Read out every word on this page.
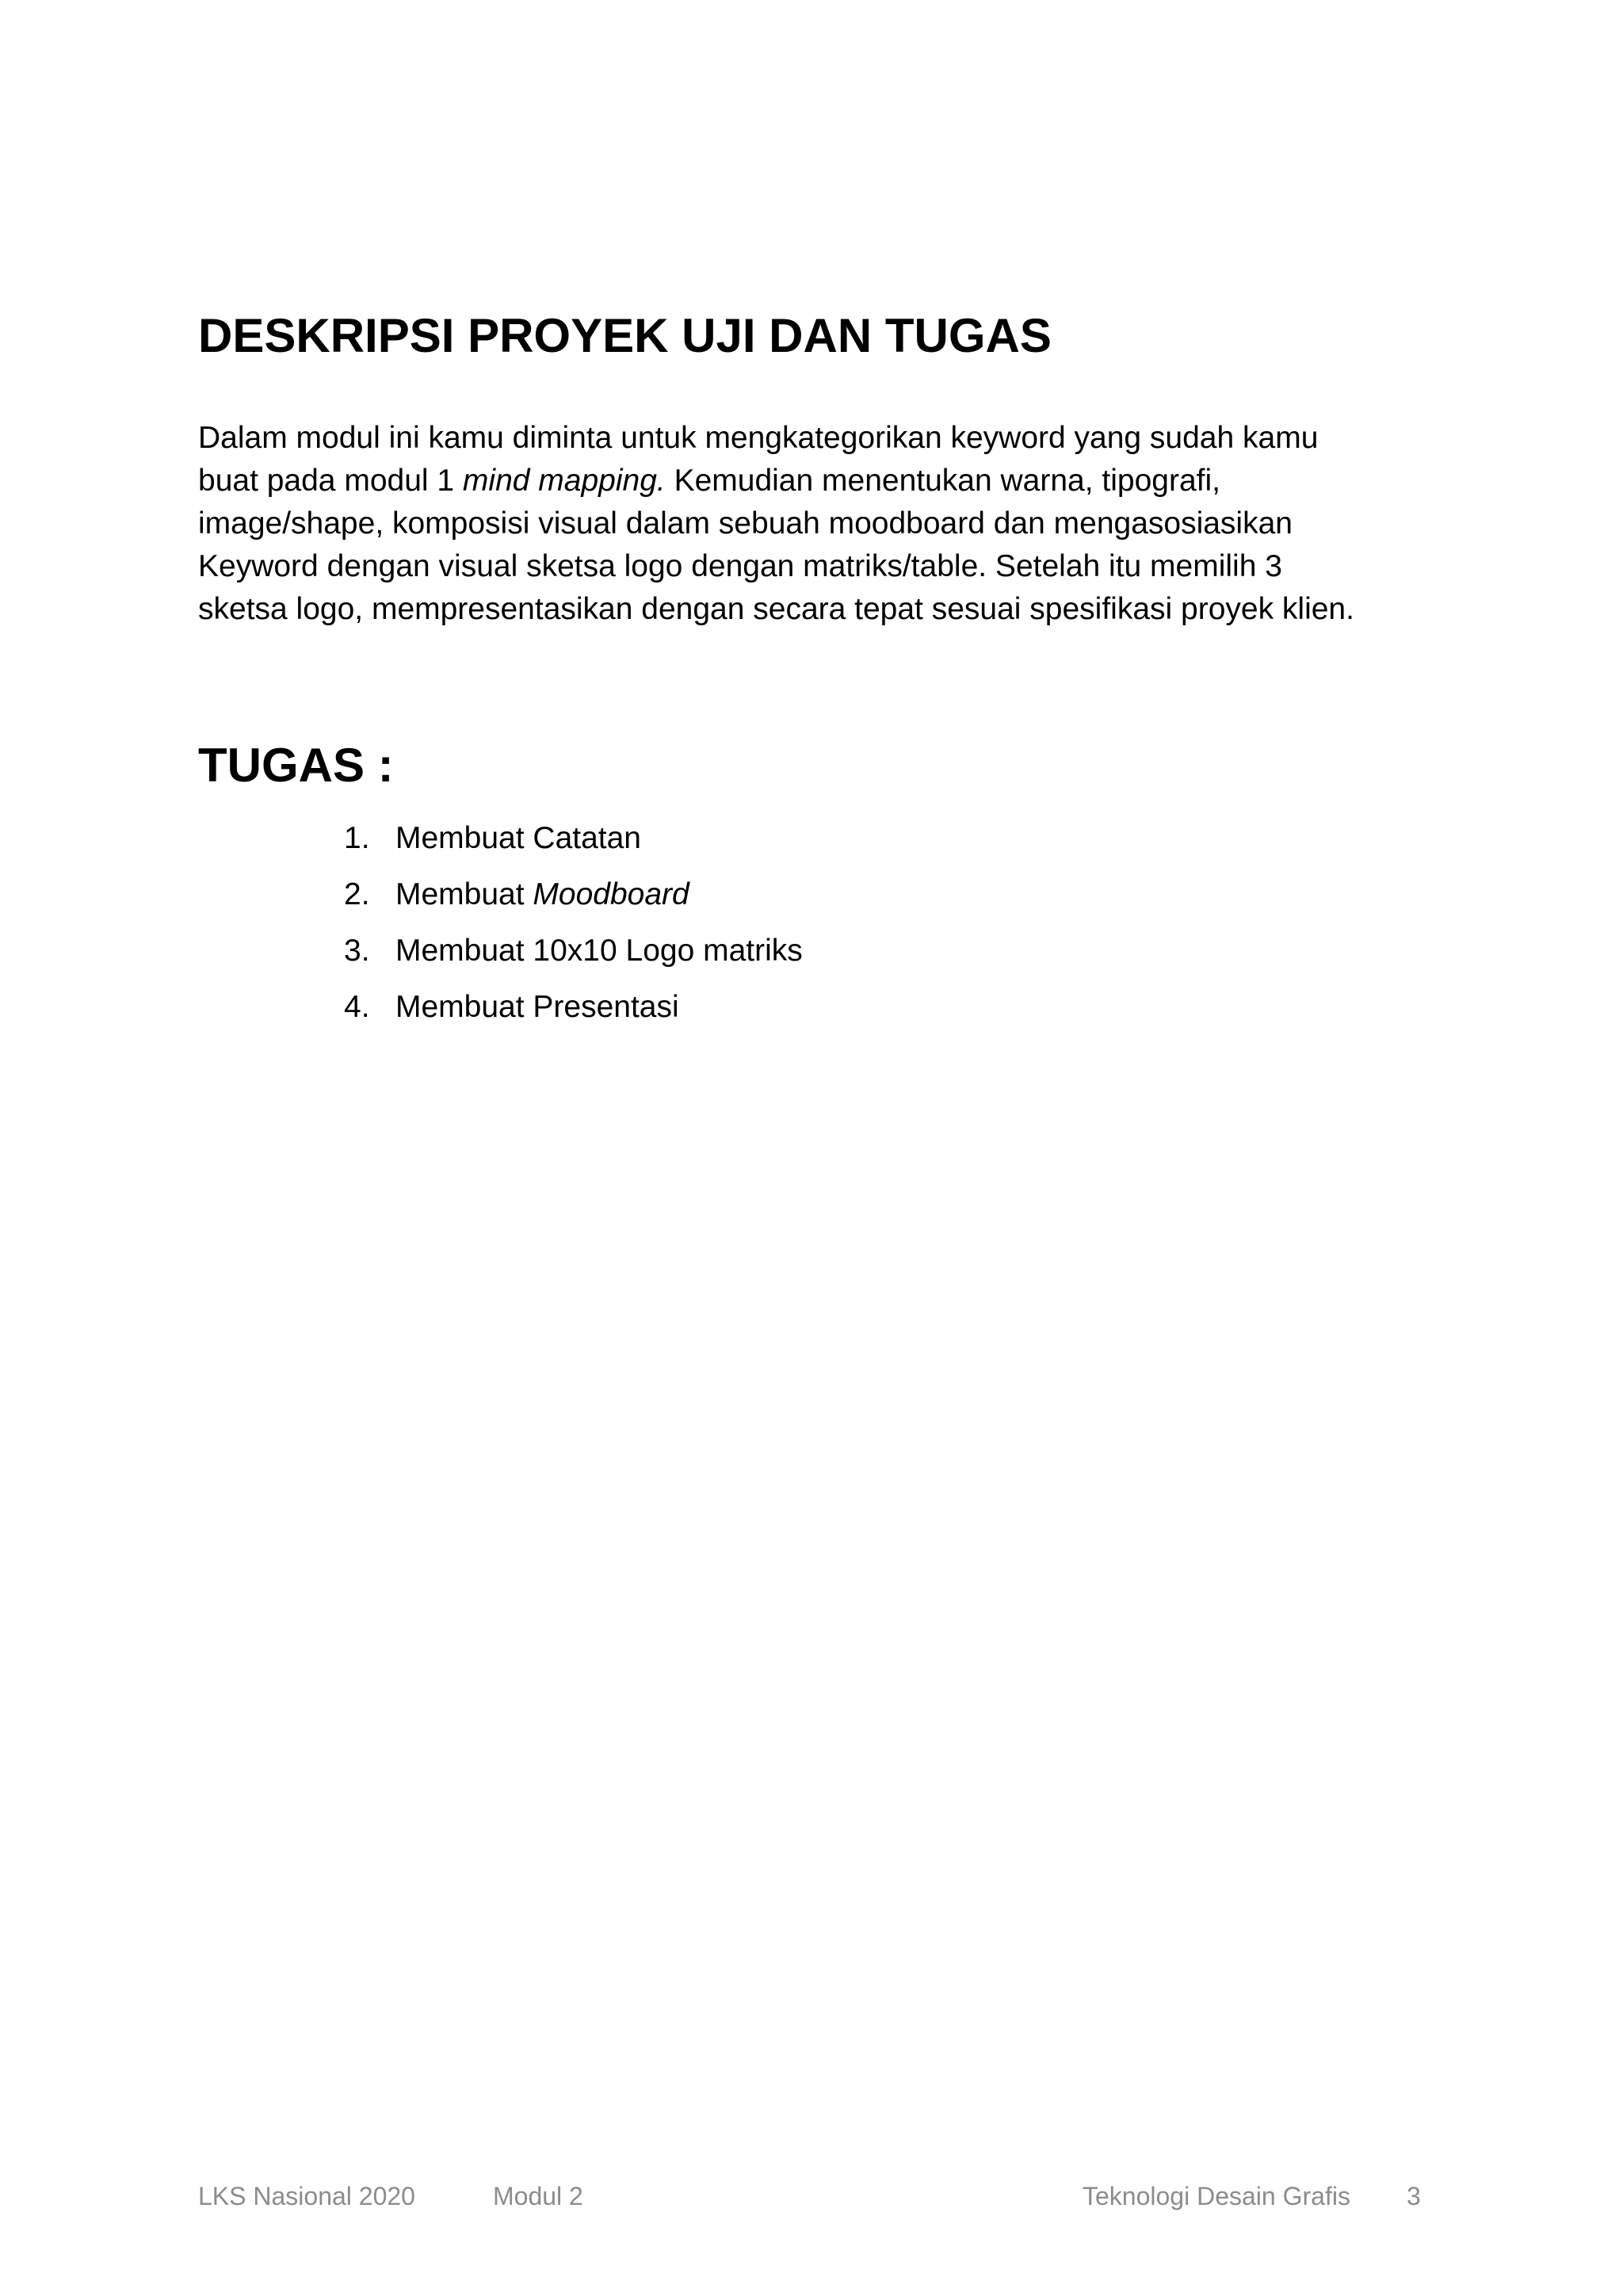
DESKRIPSI PROYEK UJI DAN TUGAS

Dalam modul ini kamu diminta untuk mengkategorikan keyword yang sudah kamu
buat pada modul 1 mind mapping. Kemudian menentukan warna, tipografi,
image/shape, komposisi visual dalam sebuah moodboard dan mengasosiasikan
Keyword dengan visual sketsa logo dengan matriks/table. Setelah itu memilih 3
sketsa logo, mempresentasikan dengan secara tepat sesuai spesifikasi proyek klien.

TUGAS :
1. Membuat Catatan
2. Membuat Moodboard
3. Membuat 10x10 Logo matriks
4. Membuat Presentasi
LKS Nasional 2020	Modul 2	Teknologi Desain Grafis 3
